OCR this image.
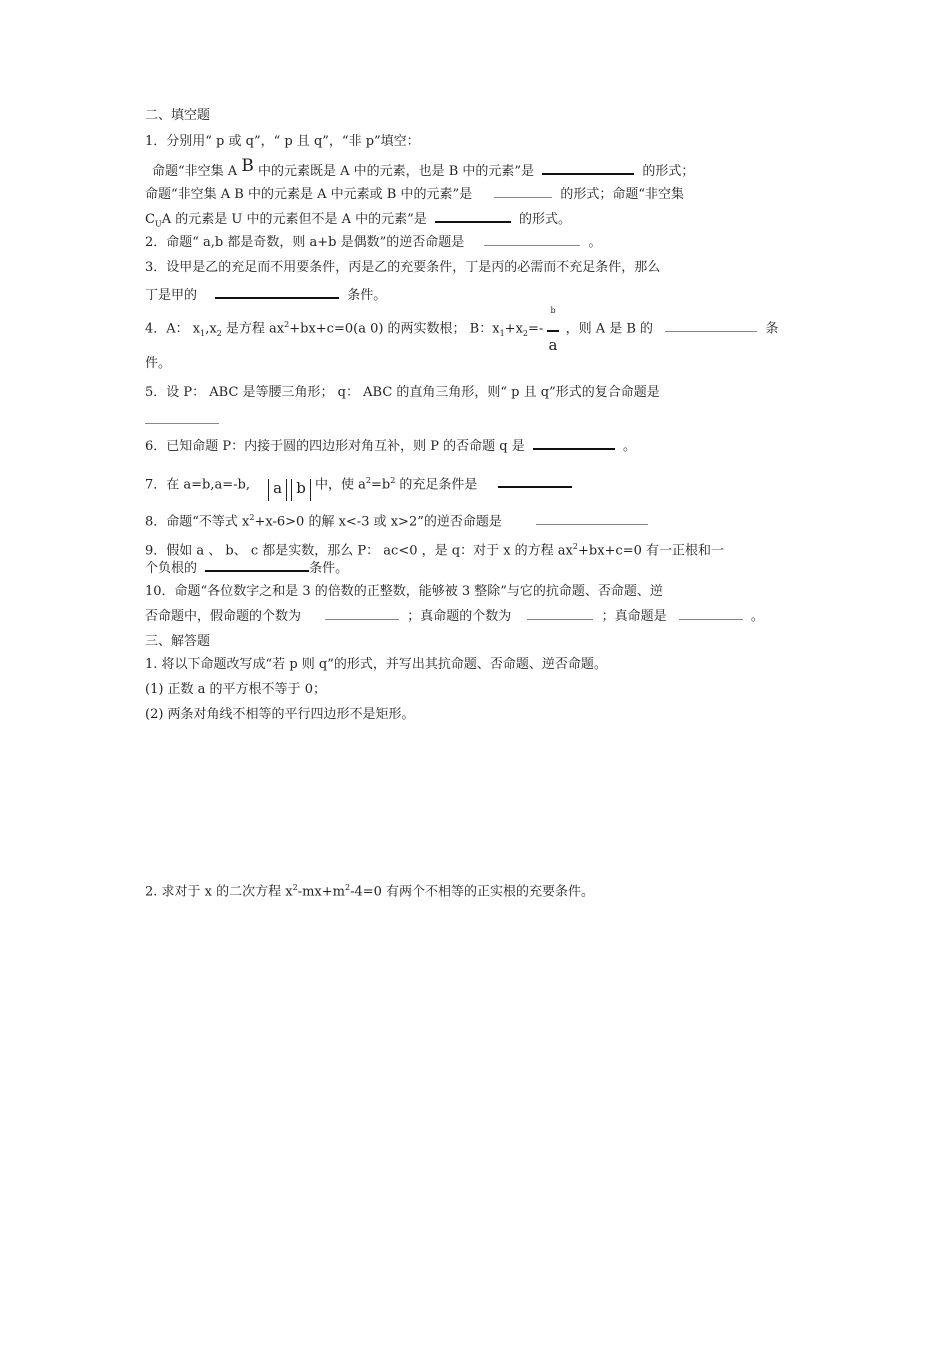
二、填空题
1．分别用“ p 或 q”，“ p 且 q”，“非 p”填空：
命题“非空集 A B 中的元素既是 A 中的元素，也是 B 中的元素”是	的形式；
命题“非空集 A B 中的元素是 A 中元素或 B 中的元素”是	的形式；命题“非空集
$C_UA$ 的元素是 U 中的元素但不是 A 中的元素”是	的形式。
2．命题“ a,b 都是奇数，则 a+b 是偶数”的逆否命题是	。
3．设甲是乙的充足而不用要条件，丙是乙的充要条件，丁是丙的必需而不充足条件，那么
丁是甲的	条件。
4．A： $x_1,x_2$ 是方程 $ax^2+bx+c=0(a$ 0) 的两实数根； B：$x_1+x_2=- \frac{b}{a}$ ，则 A 是 B 的	条
件。
5．设 P： ABC 是等腰三角形； q： ABC 的直角三角形，则“ p 且 q”形式的复合命题是
6．已知命题 P：内接于圆的四边形对角互补，则 P 的否命题 q 是	。
7．在 a=b,a=-b, a b 中，使 $a^2=b^2$ 的充足条件是
8．命题“不等式 $x^2+x-6>0$ 的解 x<-3 或 x>2”的逆否命题是
9．假如 a 、 b、 c 都是实数，那么 P： ac<0 ，是 q：对于 x 的方程 $ax^2+bx+c=0$ 有一正根和一
个负根的	条件。
10．命题“各位数字之和是 3 的倍数的正整数，能够被 3 整除”与它的抗命题、否命题、逆
否命题中，假命题的个数为	；真命题的个数为	；真命题是	。
三、解答题
1. 将以下命题改写成“若 p 则 q”的形式，并写出其抗命题、否命题、逆否命题。
(1) 正数 a 的平方根不等于 0；
(2) 两条对角线不相等的平行四边形不是矩形。
2. 求对于 x 的二次方程 $x^2-mx+m^2-4=0$ 有两个不相等的正实根的充要条件。
